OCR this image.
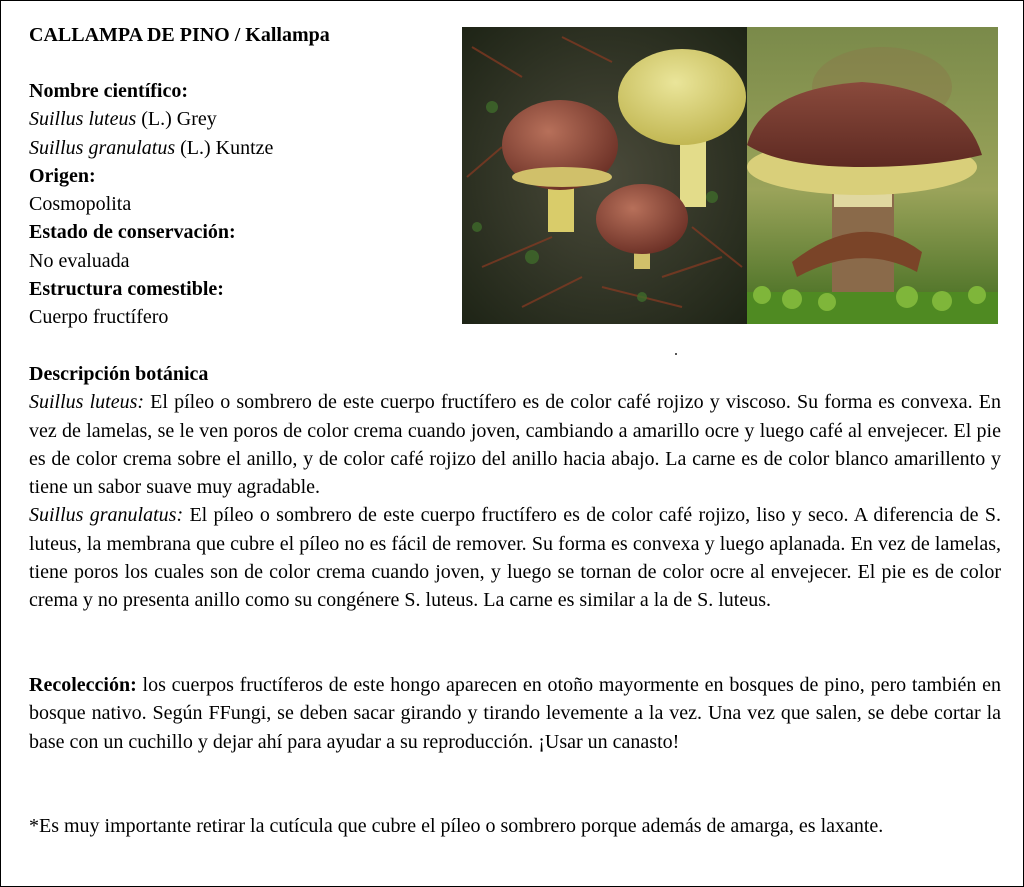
CALLAMPA DE PINO / Kallampa
Nombre científico:
Suillus luteus (L.) Grey
Suillus granulatus (L.) Kuntze
Origen:
Cosmopolita
Estado de conservación:
No evaluada
Estructura comestible:
Cuerpo fructífero

Descripción botánica

Suillus luteus: El píleo o sombrero de este cuerpo fructífero es de color café rojizo y viscoso. Su forma es convexa. En vez de lamelas, se le ven poros de color crema cuando joven, cambiando a amarillo ocre y luego café al envejecer. El pie es de color crema sobre el anillo, y de color café rojizo del anillo hacia abajo. La carne es de color blanco amarillento y tiene un sabor suave muy agradable.

Suillus granulatus: El píleo o sombrero de este cuerpo fructífero es de color café rojizo, liso y seco. A diferencia de S. luteus, la membrana que cubre el píleo no es fácil de remover. Su forma es convexa y luego aplanada. En vez de lamelas, tiene poros los cuales son de color crema cuando joven, y luego se tornan de color ocre al envejecer. El pie es de color crema y no presenta anillo como su congénere S. luteus. La carne es similar a la de S. luteus.

Recolección: los cuerpos fructíferos de este hongo aparecen en otoño mayormente en bosques de pino, pero también en bosque nativo. Según FFungi, se deben sacar girando y tirando levemente a la vez. Una vez que salen, se debe cortar la base con un cuchillo y dejar ahí para ayudar a su reproducción. ¡Usar un canasto!
*Es muy importante retirar la cutícula que cubre el píleo o sombrero porque además de amarga, es laxante.
